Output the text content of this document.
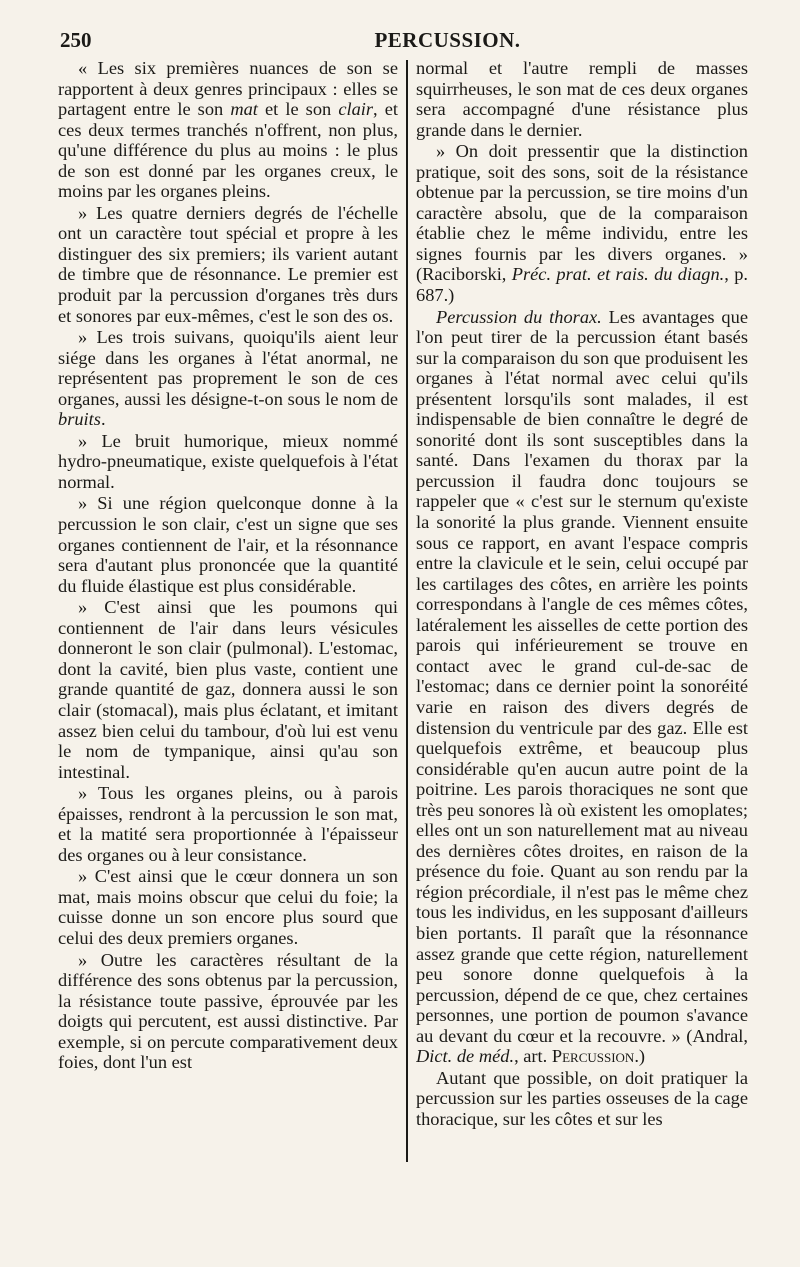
250	PERCUSSION.

« Les six premières nuances de son se rapportent à deux genres principaux : elles se partagent entre le son mat et le son clair, et ces deux termes tranchés n'offrent, non plus, qu'une différence du plus au moins : le plus de son est donné par les organes creux, le moins par les organes pleins.

» Les quatre derniers degrés de l'échelle ont un caractère tout spécial et propre à les distinguer des six premiers; ils varient autant de timbre que de résonnance. Le premier est produit par la percussion d'organes très durs et sonores par eux-mêmes, c'est le son des os.

» Les trois suivans, quoiqu'ils aient leur siége dans les organes à l'état anormal, ne représentent pas proprement le son de ces organes, aussi les désigne-t-on sous le nom de bruits.

» Le bruit humorique, mieux nommé hydro-pneumatique, existe quelquefois à l'état normal.

» Si une région quelconque donne à la percussion le son clair, c'est un signe que ses organes contiennent de l'air, et la résonnance sera d'autant plus prononcée que la quantité du fluide élastique est plus considérable.

» C'est ainsi que les poumons qui contiennent de l'air dans leurs vésicules donneront le son clair (pulmonal). L'estomac, dont la cavité, bien plus vaste, contient une grande quantité de gaz, donnera aussi le son clair (stomacal), mais plus éclatant, et imitant assez bien celui du tambour, d'où lui est venu le nom de tympanique, ainsi qu'au son intestinal.

» Tous les organes pleins, ou à parois épaisses, rendront à la percussion le son mat, et la matité sera proportionnée à l'épaisseur des organes ou à leur consistance.

» C'est ainsi que le cœur donnera un son mat, mais moins obscur que celui du foie; la cuisse donne un son encore plus sourd que celui des deux premiers organes.

» Outre les caractères résultant de la différence des sons obtenus par la percussion, la résistance toute passive, éprouvée par les doigts qui percutent, est aussi distinctive. Par exemple, si on percute comparativement deux foies, dont l'un est

normal et l'autre rempli de masses squirrheuses, le son mat de ces deux organes sera accompagné d'une résistance plus grande dans le dernier.

» On doit pressentir que la distinction pratique, soit des sons, soit de la résistance obtenue par la percussion, se tire moins d'un caractère absolu, que de la comparaison établie chez le même individu, entre les signes fournis par les divers organes. » (Raciborski, Préc. prat. et rais. du diagn., p. 687.)

Percussion du thorax. Les avantages que l'on peut tirer de la percussion étant basés sur la comparaison du son que produisent les organes à l'état normal avec celui qu'ils présentent lorsqu'ils sont malades, il est indispensable de bien connaître le degré de sonorité dont ils sont susceptibles dans la santé. Dans l'examen du thorax par la percussion il faudra donc toujours se rappeler que « c'est sur le sternum qu'existe la sonorité la plus grande. Viennent ensuite sous ce rapport, en avant l'espace compris entre la clavicule et le sein, celui occupé par les cartilages des côtes, en arrière les points correspondans à l'angle de ces mêmes côtes, latéralement les aisselles de cette portion des parois qui inférieurement se trouve en contact avec le grand cul-de-sac de l'estomac; dans ce dernier point la sonoréité varie en raison des divers degrés de distension du ventricule par des gaz. Elle est quelquefois extrême, et beaucoup plus considérable qu'en aucun autre point de la poitrine. Les parois thoraciques ne sont que très peu sonores là où existent les omoplates; elles ont un son naturellement mat au niveau des dernières côtes droites, en raison de la présence du foie. Quant au son rendu par la région précordiale, il n'est pas le même chez tous les individus, en les supposant d'ailleurs bien portants. Il paraît que la résonnance assez grande que cette région, naturellement peu sonore donne quelquefois à la percussion, dépend de ce que, chez certaines personnes, une portion de poumon s'avance au devant du cœur et la recouvre. » (Andral, Dict. de méd., art. Percussion.)

Autant que possible, on doit pratiquer la percussion sur les parties osseuses de la cage thoracique, sur les côtes et sur les
